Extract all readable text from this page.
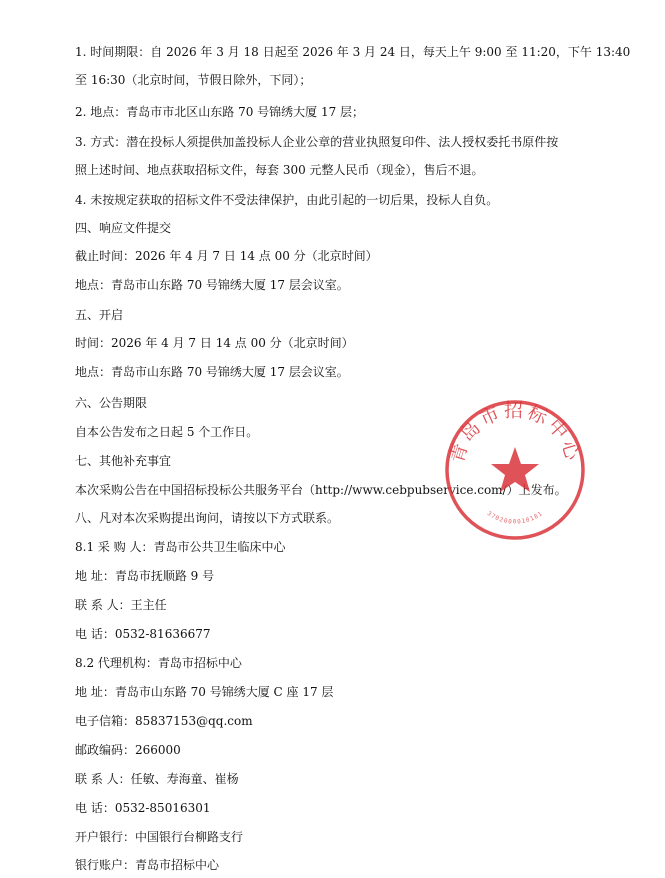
1. 时间期限：自 2026 年 3 月 18 日起至 2026 年 3 月 24 日，每天上午 9:00 至 11:20，下午 13:40
至 16:30（北京时间，节假日除外，下同）；
2. 地点：青岛市市北区山东路 70 号锦绣大厦 17 层；
3. 方式：潜在投标人须提供加盖投标人企业公章的营业执照复印件、法人授权委托书原件按
照上述时间、地点获取招标文件，每套 300 元整人民币（现金），售后不退。
4. 未按规定获取的招标文件不受法律保护，由此引起的一切后果，投标人自负。
四、响应文件提交
截止时间：2026 年 4 月 7 日 14 点 00 分（北京时间）
地点：青岛市山东路 70 号锦绣大厦 17 层会议室。
五、开启
时间：2026 年 4 月 7 日 14 点 00 分（北京时间）
地点：青岛市山东路 70 号锦绣大厦 17 层会议室。
六、公告期限
自本公告发布之日起 5 个工作日。
七、其他补充事宜
本次采购公告在中国招标投标公共服务平台（http://www.cebpubservice.com/）上发布。
八、凡对本次采购提出询问，请按以下方式联系。
8.1 采 购 人：青岛市公共卫生临床中心
地 址：青岛市抚顺路 9 号
联 系 人：王主任
电 话：0532-81636677
8.2 代理机构：青岛市招标中心
地 址：青岛市山东路 70 号锦绣大厦 C 座 17 层
电子信箱：85837153@qq.com
邮政编码：266000
联 系 人：任敏、寿海童、崔杨
电 话：0532-85016301
开户银行：中国银行台柳路支行
银行账户：青岛市招标中心
青岛市招标中心
3702000010181
